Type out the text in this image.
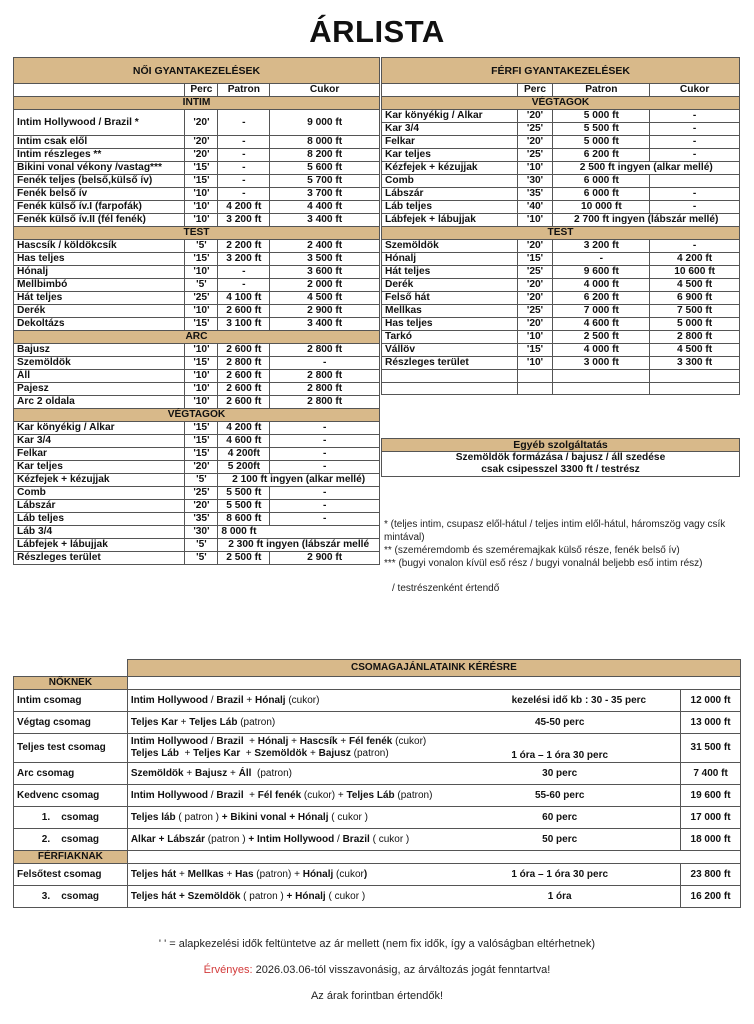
ÁRLISTA
NŐI GYANTAKEZELÉSEK			
	Perc	Patron	Cukor
INTIM			
Intim Hollywood / Brazil *	'20'	-	9 000 ft
Intim csak elől	'20'	-	8 000 ft
Intim részleges **	'20'	-	8 200 ft
Bikini vonal vékony /vastag***	'15'	-	5 600 ft
Fenék teljes (belső,külső ív)	'15'	-	5 700 ft
Fenék belső ív	'10'	-	3 700 ft
Fenék külső ív.I (farpofák)	'10'	4 200 ft	4 400 ft
Fenék külső ív.II (fél fenék)	'10'	3 200 ft	3 400 ft
TEST			
Hascsík / köldökcsík	'5'	2 200 ft	2 400 ft
Has teljes	'15'	3 200 ft	3 500 ft
Hónalj	'10'	-	3 600 ft
Mellbimbó	'5'	-	2 000 ft
Hát teljes	'25'	4 100 ft	4 500 ft
Derék	'10'	2 600 ft	2 900 ft
Dekoltázs	'15'	3 100 ft	3 400 ft
ARC			
Bajusz	'10'	2 600 ft	2 800 ft
Szemöldök	'15'	2 800 ft	-
Áll	'10'	2 600 ft	2 800 ft
Pajesz	'10'	2 600 ft	2 800 ft
Arc 2 oldala	'10'	2 600 ft	2 800 ft
VÉGTAGOK			
Kar könyékig / Alkar	'15'	4 200 ft	-
Kar 3/4	'15'	4 600 ft	-
Felkar	'15'	4 200ft	-
Kar teljes	'20'	5 200ft	-
Kézfejek + kézujjak	'5'	2 100 ft ingyen (alkar mellé)	
Comb	'25'	5 500 ft	-
Lábszár	'20'	5 500 ft	-
Láb teljes	'35'	8 600 ft	-
Láb 3/4	'30'	8 000 ft	
Lábfejek + lábujjak	'5'	2 300 ft ingyen (lábszár mellé	
Részleges terület	'5'	2 500 ft	2 900 ft
FÉRFI GYANTAKEZELÉSEK			
	Perc	Patron	Cukor
VÉGTAGOK			
Kar könyékig / Alkar	'20'	5 000 ft	-
Kar 3/4	'25'	5 500 ft	-
Felkar	'20'	5 000 ft	-
Kar teljes	'25'	6 200 ft	-
Kézfejek + kézujjak	'10'	2 500 ft ingyen (alkar mellé)	
Comb	'30'	6 000 ft	
Lábszár	'35'	6 000 ft	-
Láb teljes	'40'	10 000 ft	-
Lábfejek + lábujjak	'10'	2 700 ft ingyen (lábszár mellé)	
TEST			
Szemöldök	'20'	3 200 ft	-
Hónalj	'15'	-	4 200 ft
Hát teljes	'25'	9 600 ft	10 600 ft
Derék	'20'	4 000 ft	4 500 ft
Felső hát	'20'	6 200 ft	6 900 ft
Mellkas	'25'	7 000 ft	7 500 ft
Has teljes	'20'	4 600 ft	5 000 ft
Tarkó	'10'	2 500 ft	2 800 ft
Vállöv	'15'	4 000 ft	4 500 ft
Részleges terület	'10'	3 000 ft	3 300 ft

Egyéb szolgáltatás
Szemöldök formázása / bajusz / áll szedése
csak csipesszel 3300 ft / testrész

* (teljes intim, csupasz elől-hátul / teljes intim elől-hátul, háromszög vagy csík mintával)

** (szeméremdomb és szeméremajkak külső része, fenék belső ív)

*** (bugyi vonalon kívül eső rész / bugyi vonalnál beljebb eső intim rész)

/ testrészenként értendő

	CSOMAGAJÁNLATAINK KÉRÉSRE		
NŐKNEK			
Intim csomag	Intim Hollywood / Brazil + Hónalj (cukor)	kezelési idő kb : 30 - 35 perc	12 000 ft
Végtag csomag	Teljes Kar + Teljes Láb (patron)	45-50 perc	13 000 ft
Teljes test csomag	Intim Hollywood / Brazil  + Hónalj + Hascsík + Fél fenék (cukor)
Teljes Láb  + Teljes Kar  + Szemöldök + Bajusz (patron)	1 óra – 1 óra 30 perc	31 500 ft
Arc csomag	Szemöldök + Bajusz + Áll  (patron)	30 perc	7 400 ft
Kedvenc csomag	Intim Hollywood / Brazil  + Fél fenék (cukor) + Teljes Láb (patron)	55-60 perc	19 600 ft
1.    csomag	Teljes láb ( patron ) + Bikini vonal + Hónalj ( cukor )	60 perc	17 000 ft
2.    csomag	Alkar + Lábszár (patron ) + Intim Hollywood / Brazil ( cukor )	50 perc	18 000 ft
FÉRFIAKNAK			
Felsőtest csomag	Teljes hát + Mellkas + Has (patron) + Hónalj (cukor)	1 óra – 1 óra 30 perc	23 800 ft
3.    csomag	Teljes hát + Szemöldök ( patron ) + Hónalj ( cukor )	1 óra	16 200 ft
' ' = alapkezelési idők feltüntetve az ár mellett (nem fix idők, így a valóságban eltérhetnek)
Érvényes: 2026.03.06-tól visszavonásig, az árváltozás jogát fenntartva!
Az árak forintban értendők!
